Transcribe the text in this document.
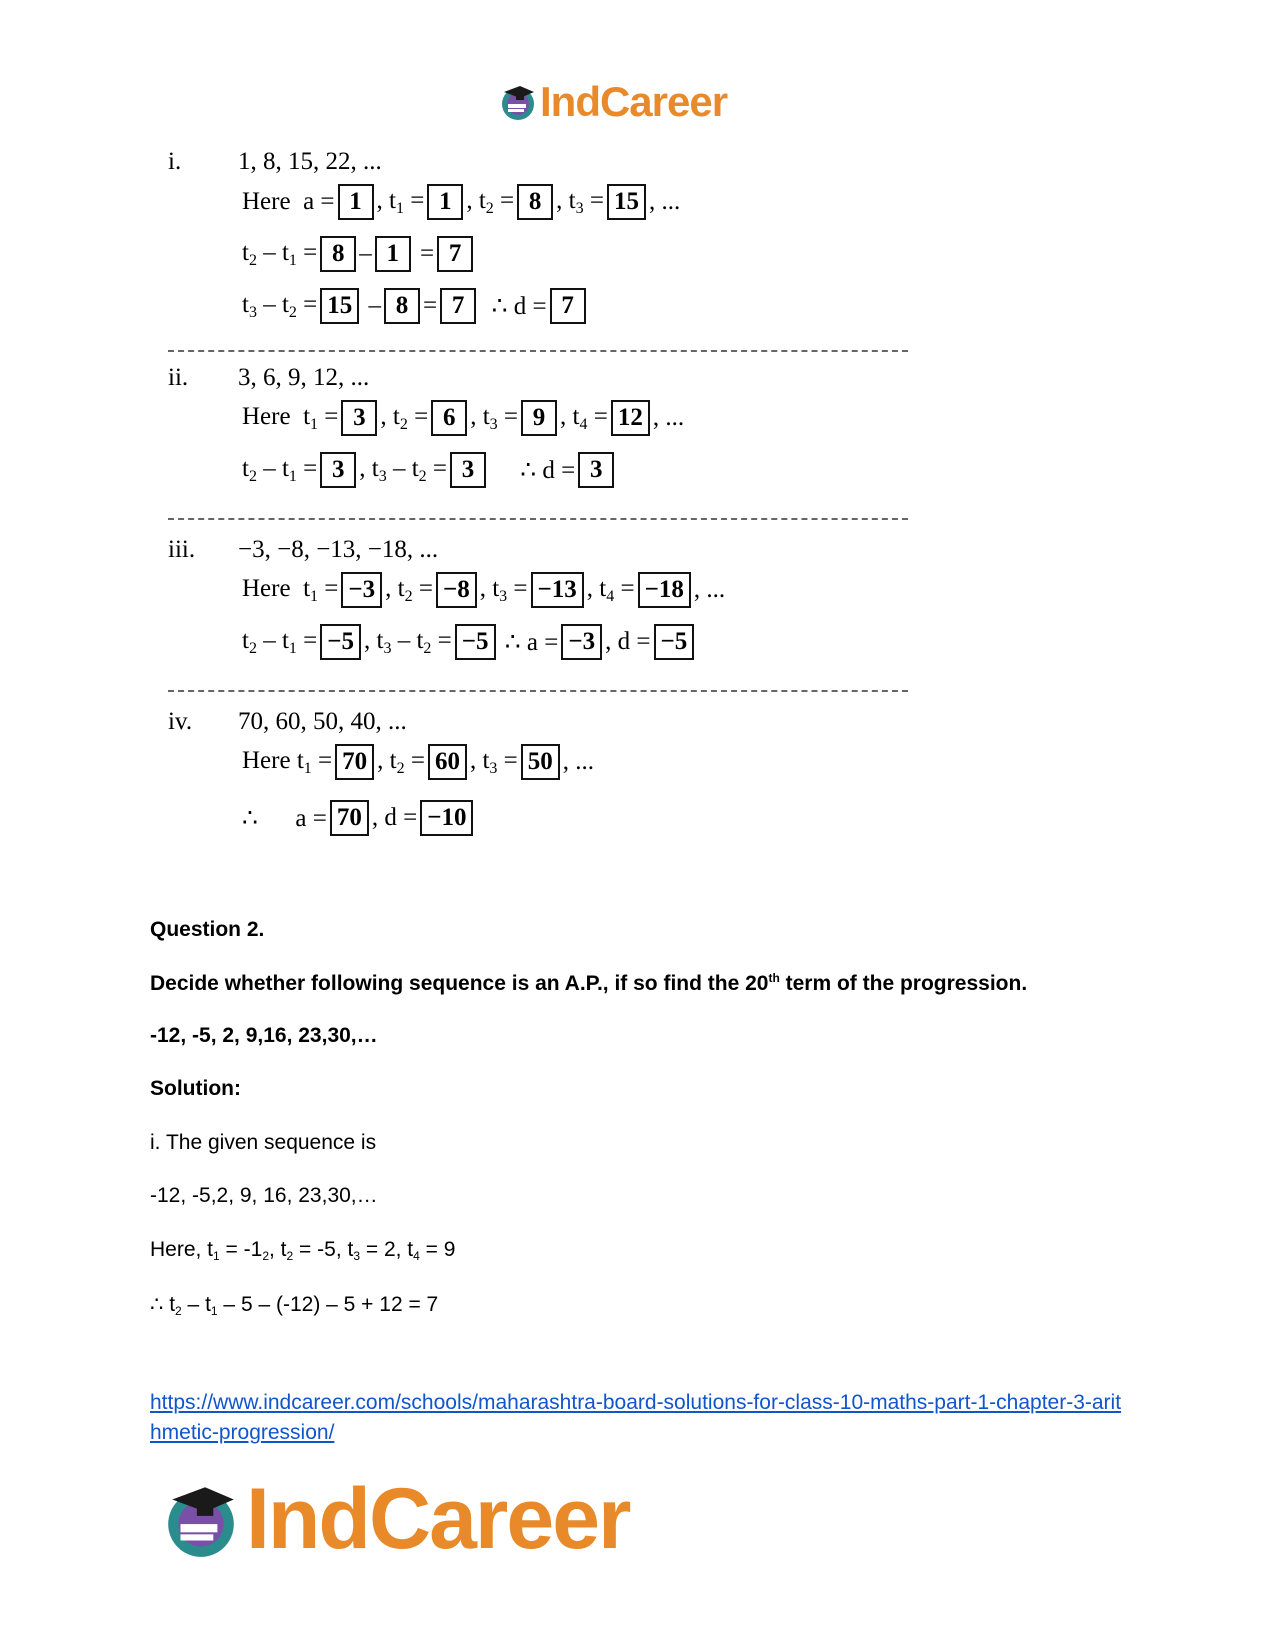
IndCareer
i. 1, 8, 15, 22, ...
Here  a = 1 , $t_1 = 1$ , $t_2 = 8$ , $t_3 = 15$ , ...
$t_2 - t_1 = 8 - 1 = 7$
$t_3 - t_2 = 15 - 8 = 7$ ∴ d = 7
ii. 3, 6, 9, 12, ...
Here  $t_1 = 3$ , $t_2 = 6$ , $t_3 = 9$ , $t_4 = 12$ , ...
$t_2 - t_1 = 3$ , $t_3 - t_2 = 3$ ∴ d = 3
iii. −3, −8, −13, −18, ...
Here  $t_1 = -3$ , $t_2 = -8$ , $t_3 = -13$ , $t_4 = -18$ , ...
$t_2 - t_1 = -5$ , $t_3 - t_2 = -5$ ∴ a = −3 , d = −5
iv. 70, 60, 50, 40, ...
Here $t_1 = 70$ , $t_2 = 60$ , $t_3 = 50$ , ...
∴      a = 70 , d = −10
Question 2.
Decide whether following sequence is an A.P., if so find the 20th term of the progression.
-12, -5, 2, 9,16, 23,30,…
Solution:
i. The given sequence is
-12, -5,2, 9, 16, 23,30,…
Here, t1 = -12, t2 = -5, t3 = 2, t4 = 9
∴ t2 – t1 – 5 – (-12) – 5 + 12 = 7
https://www.indcareer.com/schools/maharashtra-board-solutions-for-class-10-maths-part-1-chapter-3-arithmetic-progression/
IndCareer
